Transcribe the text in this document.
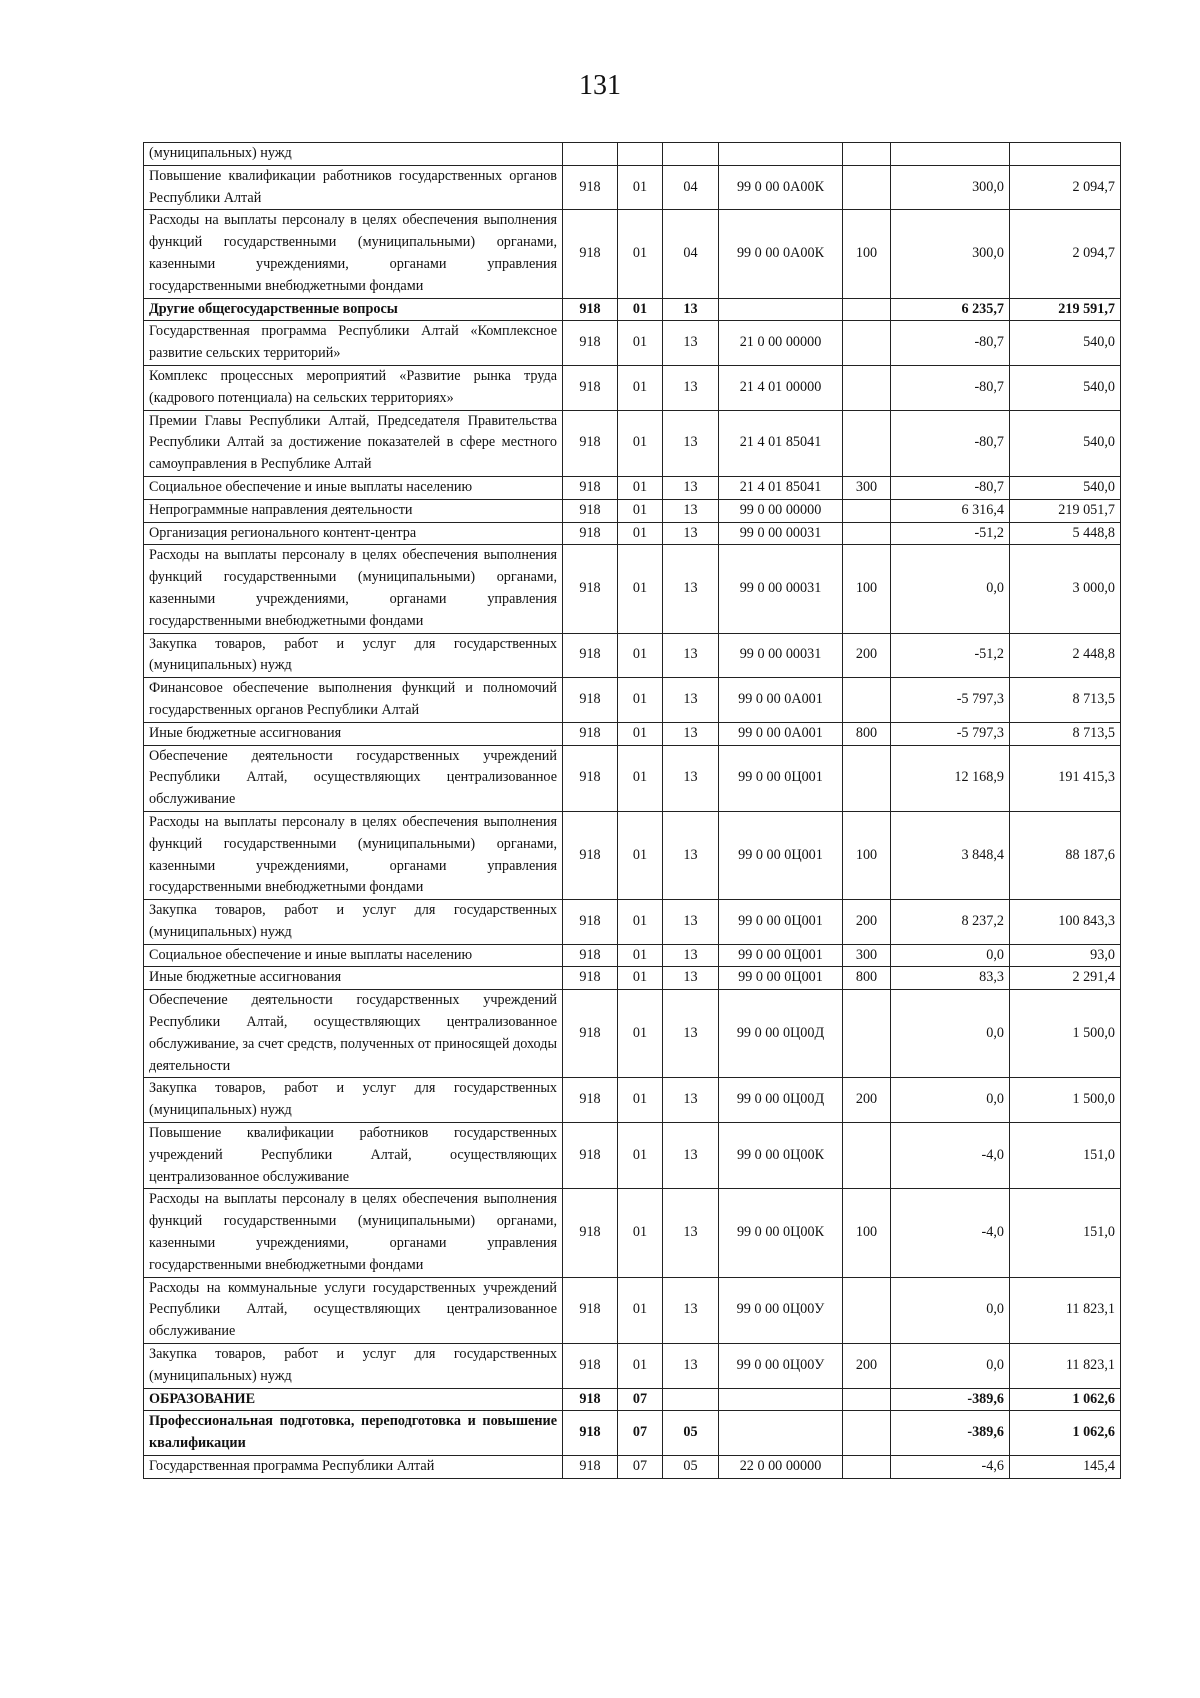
131
(муниципальных) нужд							
Повышение квалификации работников государственных органов Республики Алтай	918	01	04	99 0 00 0А00К		300,0	2 094,7
Расходы на выплаты персоналу в целях обеспечения выполнения функций государственными (муниципальными) органами, казенными учреждениями, органами управления государственными внебюджетными фондами	918	01	04	99 0 00 0А00К	100	300,0	2 094,7
Другие общегосударственные вопросы	918	01	13			6 235,7	219 591,7
Государственная программа Республики Алтай «Комплексное развитие сельских территорий»	918	01	13	21 0 00 00000		-80,7	540,0
Комплекс процессных мероприятий «Развитие рынка труда (кадрового потенциала) на сельских территориях»	918	01	13	21 4 01 00000		-80,7	540,0
Премии Главы Республики Алтай, Председателя Правительства Республики Алтай за достижение показателей в сфере местного самоуправления в Республике Алтай	918	01	13	21 4 01 85041		-80,7	540,0
Социальное обеспечение и иные выплаты населению	918	01	13	21 4 01 85041	300	-80,7	540,0
Непрограммные направления деятельности	918	01	13	99 0 00 00000		6 316,4	219 051,7
Организация регионального контент-центра	918	01	13	99 0 00 00031		-51,2	5 448,8
Расходы на выплаты персоналу в целях обеспечения выполнения функций государственными (муниципальными) органами, казенными учреждениями, органами управления государственными внебюджетными фондами	918	01	13	99 0 00 00031	100	0,0	3 000,0
Закупка товаров, работ и услуг для государственных (муниципальных) нужд	918	01	13	99 0 00 00031	200	-51,2	2 448,8
Финансовое обеспечение выполнения функций и полномочий государственных органов Республики Алтай	918	01	13	99 0 00 0А001		-5 797,3	8 713,5
Иные бюджетные ассигнования	918	01	13	99 0 00 0А001	800	-5 797,3	8 713,5
Обеспечение деятельности государственных учреждений Республики Алтай, осуществляющих централизованное обслуживание	918	01	13	99 0 00 0Ц001		12 168,9	191 415,3
Расходы на выплаты персоналу в целях обеспечения выполнения функций государственными (муниципальными) органами, казенными учреждениями, органами управления государственными внебюджетными фондами	918	01	13	99 0 00 0Ц001	100	3 848,4	88 187,6
Закупка товаров, работ и услуг для государственных (муниципальных) нужд	918	01	13	99 0 00 0Ц001	200	8 237,2	100 843,3
Социальное обеспечение и иные выплаты населению	918	01	13	99 0 00 0Ц001	300	0,0	93,0
Иные бюджетные ассигнования	918	01	13	99 0 00 0Ц001	800	83,3	2 291,4
Обеспечение деятельности государственных учреждений Республики Алтай, осуществляющих централизованное обслуживание, за счет средств, полученных от приносящей доходы деятельности	918	01	13	99 0 00 0Ц00Д		0,0	1 500,0
Закупка товаров, работ и услуг для государственных (муниципальных) нужд	918	01	13	99 0 00 0Ц00Д	200	0,0	1 500,0
Повышение квалификации работников государственных учреждений Республики Алтай, осуществляющих централизованное обслуживание	918	01	13	99 0 00 0Ц00К		-4,0	151,0
Расходы на выплаты персоналу в целях обеспечения выполнения функций государственными (муниципальными) органами, казенными учреждениями, органами управления государственными внебюджетными фондами	918	01	13	99 0 00 0Ц00К	100	-4,0	151,0
Расходы на коммунальные услуги государственных учреждений Республики Алтай, осуществляющих централизованное обслуживание	918	01	13	99 0 00 0Ц00У		0,0	11 823,1
Закупка товаров, работ и услуг для государственных (муниципальных) нужд	918	01	13	99 0 00 0Ц00У	200	0,0	11 823,1
ОБРАЗОВАНИЕ	918	07				-389,6	1 062,6
Профессиональная подготовка, переподготовка и повышение квалификации	918	07	05			-389,6	1 062,6
Государственная программа Республики Алтай	918	07	05	22 0 00 00000		-4,6	145,4
